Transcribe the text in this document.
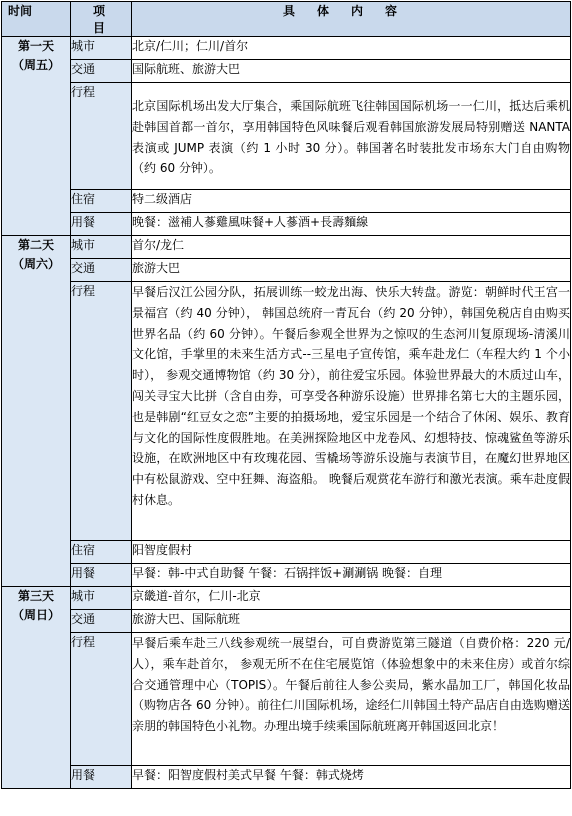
时间	项目	具体内容

第一天
（周五）	城市	北京/仁川；仁川/首尔
	交通	国际航班、旅游大巴
	行程	北京国际机场出发大厅集合，乘国际航班飞往韩国国际机场一一仁川，抵达后乘机赴韩国首都一首尔，享用韩国特色风味餐后观看韩国旅游发展局特别赠送 NANTA 表演或 JUMP 表演（约 1 小时 30 分）。韩国著名时装批发市场东大门自由购物（约 60 分钟）。
	住宿	特二级酒店
	用餐	晚餐：滋補人蔘雞風味餐+人蔘酒+長壽麵線

第二天
（周六）	城市	首尔/龙仁
	交通	旅游大巴
	行程	早餐后汉江公园分队，拓展训练一蛟龙出海、快乐大转盘。游览：朝鲜时代王宫一景福宫（约 40 分钟）， 韩国总统府一青瓦台（约 20 分钟），韩国免税店自由购买世界名品（约 60 分钟）。午餐后参观全世界为之惊叹的生态河川复原现场-清溪川文化馆，手掌里的未来生活方式--三星电子宣传馆，乘车赴龙仁（车程大约 1 个小时）， 参观交通博物馆（约 30 分），前往爱宝乐园。体验世界最大的木质过山车，闯关寻宝大比拼（含自由券，可享受各种游乐设施）世界排名第七大的主题乐园，也是韩剧“红豆女之恋”主要的拍摄场地，爱宝乐园是一个结合了休闲、娱乐、教育与文化的国际性度假胜地。在美洲探险地区中龙卷风、幻想特技、惊魂鲨鱼等游乐设施，在欧洲地区中有玫瑰花园、雪橇场等游乐设施与表演节目，在魔幻世界地区中有松鼠游戏、空中狂舞、海盗船。 晚餐后观赏花车游行和激光表演。乘车赴度假村休息。
	住宿	阳智度假村
	用餐	早餐：韩-中式自助餐 午餐：石锅拌饭+涮涮锅 晚餐：自理

第三天
（周日）	城市	京畿道-首尔，仁川-北京
	交通	旅游大巴、国际航班
	行程	早餐后乘车赴三八线参观统一展望台，可自费游览第三隧道（自费价格：220 元/人），乘车赴首尔， 参观无所不在住宅展览馆（体验想象中的未来住房）或首尔综合交通管理中心（TOPIS）。午餐后前往人参公卖局，紫水晶加工厂，韩国化妆品（购物店各 60 分钟）。前往仁川国际机场，途经仁川韩国土特产品店自由选购赠送亲朋的韩国特色小礼物。办理出境手续乘国际航班离开韩国返回北京！
	用餐	早餐：阳智度假村美式早餐 午餐：韩式烧烤
